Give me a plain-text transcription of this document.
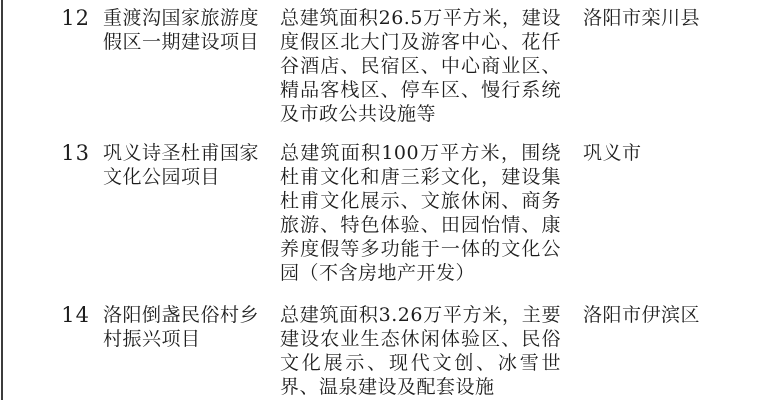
12 重渡沟国家旅游度假区一期建设项目
总建筑面积26.5万平方米，建设度假区北大门及游客中心、花仟谷酒店、民宿区、中心商业区、精品客栈区、停车区、慢行系统及市政公共设施等
洛阳市栾川县
13 巩义诗圣杜甫国家文化公园项目
总建筑面积100万平方米，围绕杜甫文化和唐三彩文化，建设集杜甫文化展示、文旅休闲、商务旅游、特色体验、田园怡情、康养度假等多功能于一体的文化公园（不含房地产开发）
巩义市
14 洛阳倒盏民俗村乡村振兴项目
总建筑面积3.26万平方米，主要建设农业生态休闲体验区、民俗文化展示、现代文创、冰雪世界、温泉建设及配套设施
洛阳市伊滨区
